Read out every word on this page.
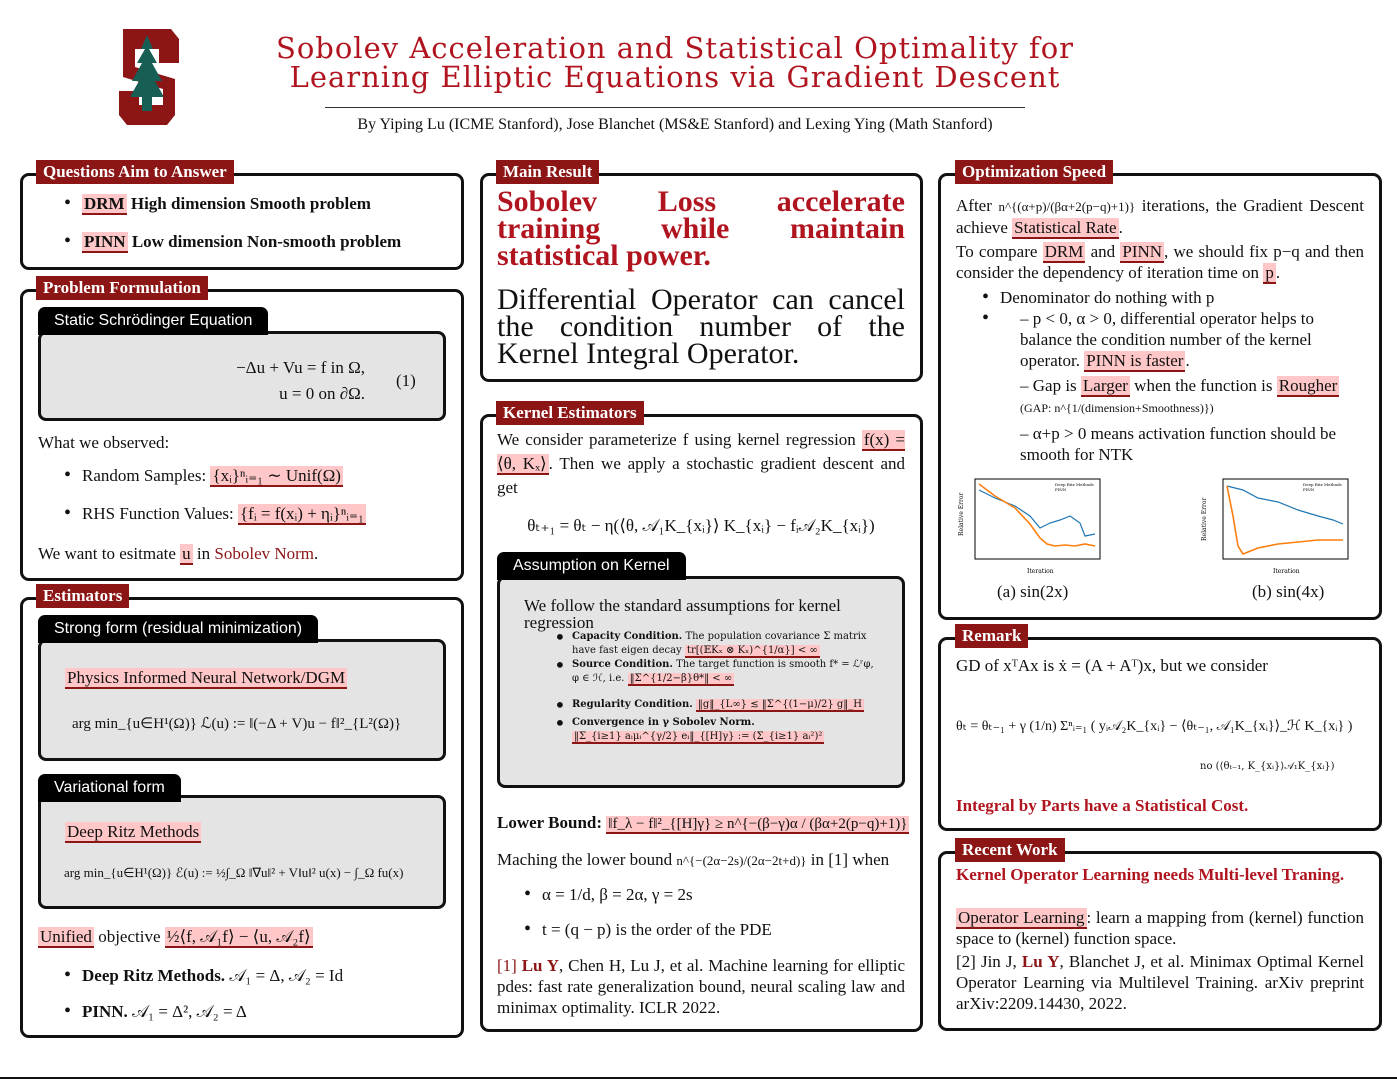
Sobolev Acceleration and Statistical Optimality for
Learning Elliptic Equations via Gradient Descent
By Yiping Lu (ICME Stanford), Jose Blanchet (MS&E Stanford) and Lexing Ying (Math Stanford)
Questions Aim to Answer
• DRM High dimension Smooth problem
• PINN Low dimension Non-smooth problem
Problem Formulation
Static Schrödinger Equation
−Δu + Vu = f in Ω,
u = 0 on ∂Ω.
(1)
What we observed:
• Random Samples: {xᵢ}ⁿᵢ₌₁ ∼ Unif(Ω)
• RHS Function Values: {fᵢ = f(xᵢ) + ηᵢ}ⁿᵢ₌₁
We want to esitmate u in Sobolev Norm.
Estimators
Strong form (residual minimization)
Physics Informed Neural Network/DGM
arg min_{u∈H¹(Ω)} ℒ(u) := ‖(−Δ + V)u − f‖²_{L²(Ω)}
Variational form
Deep Ritz Methods
arg min_{u∈H¹(Ω)} ℰ(u) := ½∫_Ω ‖∇u‖² + V‖u‖² u(x) − ∫_Ω fu(x)
Unified objective ½⟨f, 𝒜₁f⟩ − ⟨u, 𝒜₂f⟩
• Deep Ritz Methods. 𝒜₁ = Δ, 𝒜₂ = Id
• PINN. 𝒜₁ = Δ², 𝒜₂ = Δ
Main Result
Sobolev Loss accelerate training while maintain statistical power.
Differential Operator can cancel the condition number of the Kernel Integral Operator.
Kernel Estimators
We consider parameterize f using kernel regression f(x) = ⟨θ, Kₓ⟩ . Then we apply a stochastic gradient descent and get
θₜ₊₁ = θₜ − η(⟨θ, 𝒜₁K_{xᵢ}⟩ K_{xᵢ} − fᵢ𝒜₂K_{xᵢ})
Assumption on Kernel
We follow the standard assumptions for kernel regression
• Capacity Condition. The population covariance Σ matrix have fast eigen decay tr[(𝔼Kₓ ⊗ Kₓ)^{1/α}] < ∞
• Source Condition. The target function is smooth f* = ℒʳφ, φ ∈ ℋ, i.e. ‖Σ^{1/2−β}θ*‖ < ∞
• Regularity Condition. ‖g‖_{L∞} ≲ ‖Σ^{(1−μ)/2} g‖_H
• Convergence in γ Sobolev Norm.
‖Σ_{i≥1} aᵢμᵢ^{γ/2} eᵢ‖_{[H]γ} := (Σ_{i≥1} aᵢ²)²
Lower Bound: ‖f_λ − f‖²_{[H]γ} ≥ n^{−(β−γ)α / (βα+2(p−q)+1)}
Maching the lower bound n^{−(2α−2s)/(2α−2t+d)} in [1] when
• α = 1/d, β = 2α, γ = 2s
• t = (q − p) is the order of the PDE
[1] Lu Y, Chen H, Lu J, et al. Machine learning for elliptic pdes: fast rate generalization bound, neural scaling law and minimax optimality. ICLR 2022.
Optimization Speed
After n^{(α+p)/(βα+2(p−q)+1)} iterations, the Gradient Descent achieve Statistical Rate .
To compare DRM and PINN , we should fix p−q and then consider the dependency of iteration time on p .
• Denominator do nothing with p
• – p < 0, α > 0, differential operator helps to balance the condition number of the kernel operator. PINN is faster .
– Gap is Larger when the function is Rougher (GAP: n^{1/(dimension+Smoothness)})
– α+p > 0 means activation function should be smooth for NTK
Relative Error
Iteration
Deep Ritz Methods
PINN
Relative Error
Iteration
Deep Ritz Methods
PINN
(a) sin(2x)	(b) sin(4x)
Remark
GD of xᵀAx is ẋ = (A + Aᵀ)x, but we consider
θₜ = θₜ₋₁ + γ (1/n) Σⁿᵢ₌₁ ( yᵢ𝒜₂K_{xᵢ} − ⟨θₜ₋₁, 𝒜₁K_{xᵢ}⟩_ℋ K_{xᵢ} )
no (⟨θₜ₋₁, K_{xᵢ}⟩𝒜₁K_{xᵢ})
Integral by Parts have a Statistical Cost.
Recent Work
Kernel Operator Learning needs Multi-level Traning.
Operator Learning : learn a mapping from (kernel) function space to (kernel) function space.
[2] Jin J, Lu Y, Blanchet J, et al. Minimax Optimal Kernel Operator Learning via Multilevel Training. arXiv preprint arXiv:2209.14430, 2022.
